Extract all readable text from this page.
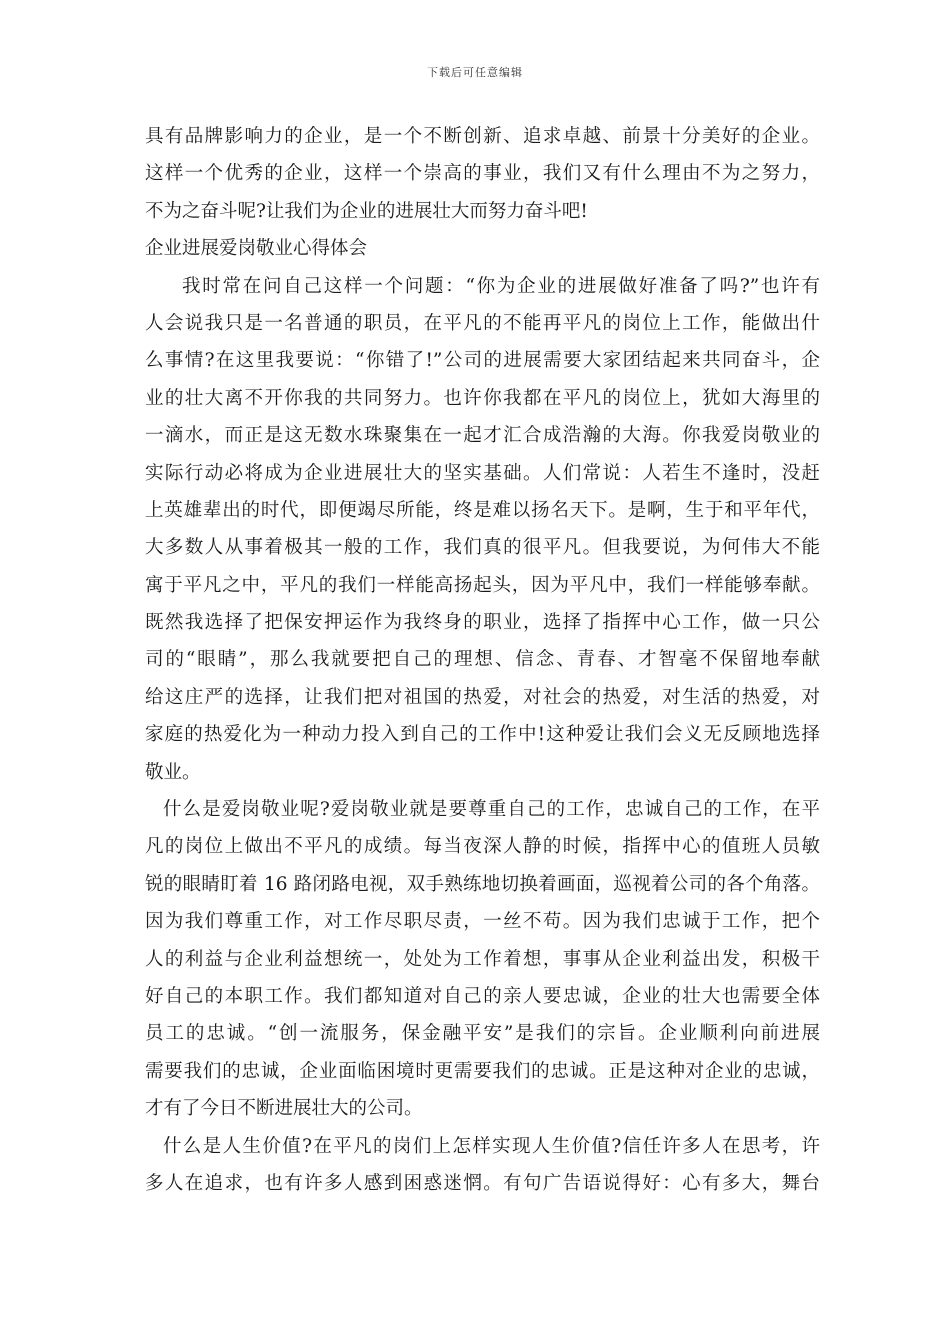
下载后可任意编辑
具有品牌影响力的企业，是一个不断创新、追求卓越、前景十分美好的企业。
这样一个优秀的企业，这样一个崇高的事业，我们又有什么理由不为之努力，
不为之奋斗呢?让我们为企业的进展壮大而努力奋斗吧!
企业进展爱岗敬业心得体会
我时常在问自己这样一个问题：“你为企业的进展做好准备了吗?”也许有
人会说我只是一名普通的职员，在平凡的不能再平凡的岗位上工作，能做出什
么事情?在这里我要说：“你错了!”公司的进展需要大家团结起来共同奋斗，企
业的壮大离不开你我的共同努力。也许你我都在平凡的岗位上，犹如大海里的
一滴水，而正是这无数水珠聚集在一起才汇合成浩瀚的大海。你我爱岗敬业的
实际行动必将成为企业进展壮大的坚实基础。人们常说：人若生不逢时，没赶
上英雄辈出的时代，即便竭尽所能，终是难以扬名天下。是啊，生于和平年代，
大多数人从事着极其一般的工作，我们真的很平凡。但我要说，为何伟大不能
寓于平凡之中，平凡的我们一样能高扬起头，因为平凡中，我们一样能够奉献。
既然我选择了把保安押运作为我终身的职业，选择了指挥中心工作，做一只公
司的“眼睛”，那么我就要把自己的理想、信念、青春、才智毫不保留地奉献
给这庄严的选择，让我们把对祖国的热爱，对社会的热爱，对生活的热爱，对
家庭的热爱化为一种动力投入到自己的工作中!这种爱让我们会义无反顾地选择
敬业。
什么是爱岗敬业呢?爱岗敬业就是要尊重自己的工作，忠诚自己的工作，在平
凡的岗位上做出不平凡的成绩。每当夜深人静的时候，指挥中心的值班人员敏
锐的眼睛盯着 16 路闭路电视，双手熟练地切换着画面，巡视着公司的各个角落。
因为我们尊重工作，对工作尽职尽责，一丝不苟。因为我们忠诚于工作，把个
人的利益与企业利益想统一，处处为工作着想，事事从企业利益出发，积极干
好自己的本职工作。我们都知道对自己的亲人要忠诚，企业的壮大也需要全体
员工的忠诚。“创一流服务，保金融平安”是我们的宗旨。企业顺利向前进展
需要我们的忠诚，企业面临困境时更需要我们的忠诚。正是这种对企业的忠诚，
才有了今日不断进展壮大的公司。
什么是人生价值?在平凡的岗们上怎样实现人生价值?信任许多人在思考，许
多人在追求，也有许多人感到困惑迷惘。有句广告语说得好：心有多大，舞台
